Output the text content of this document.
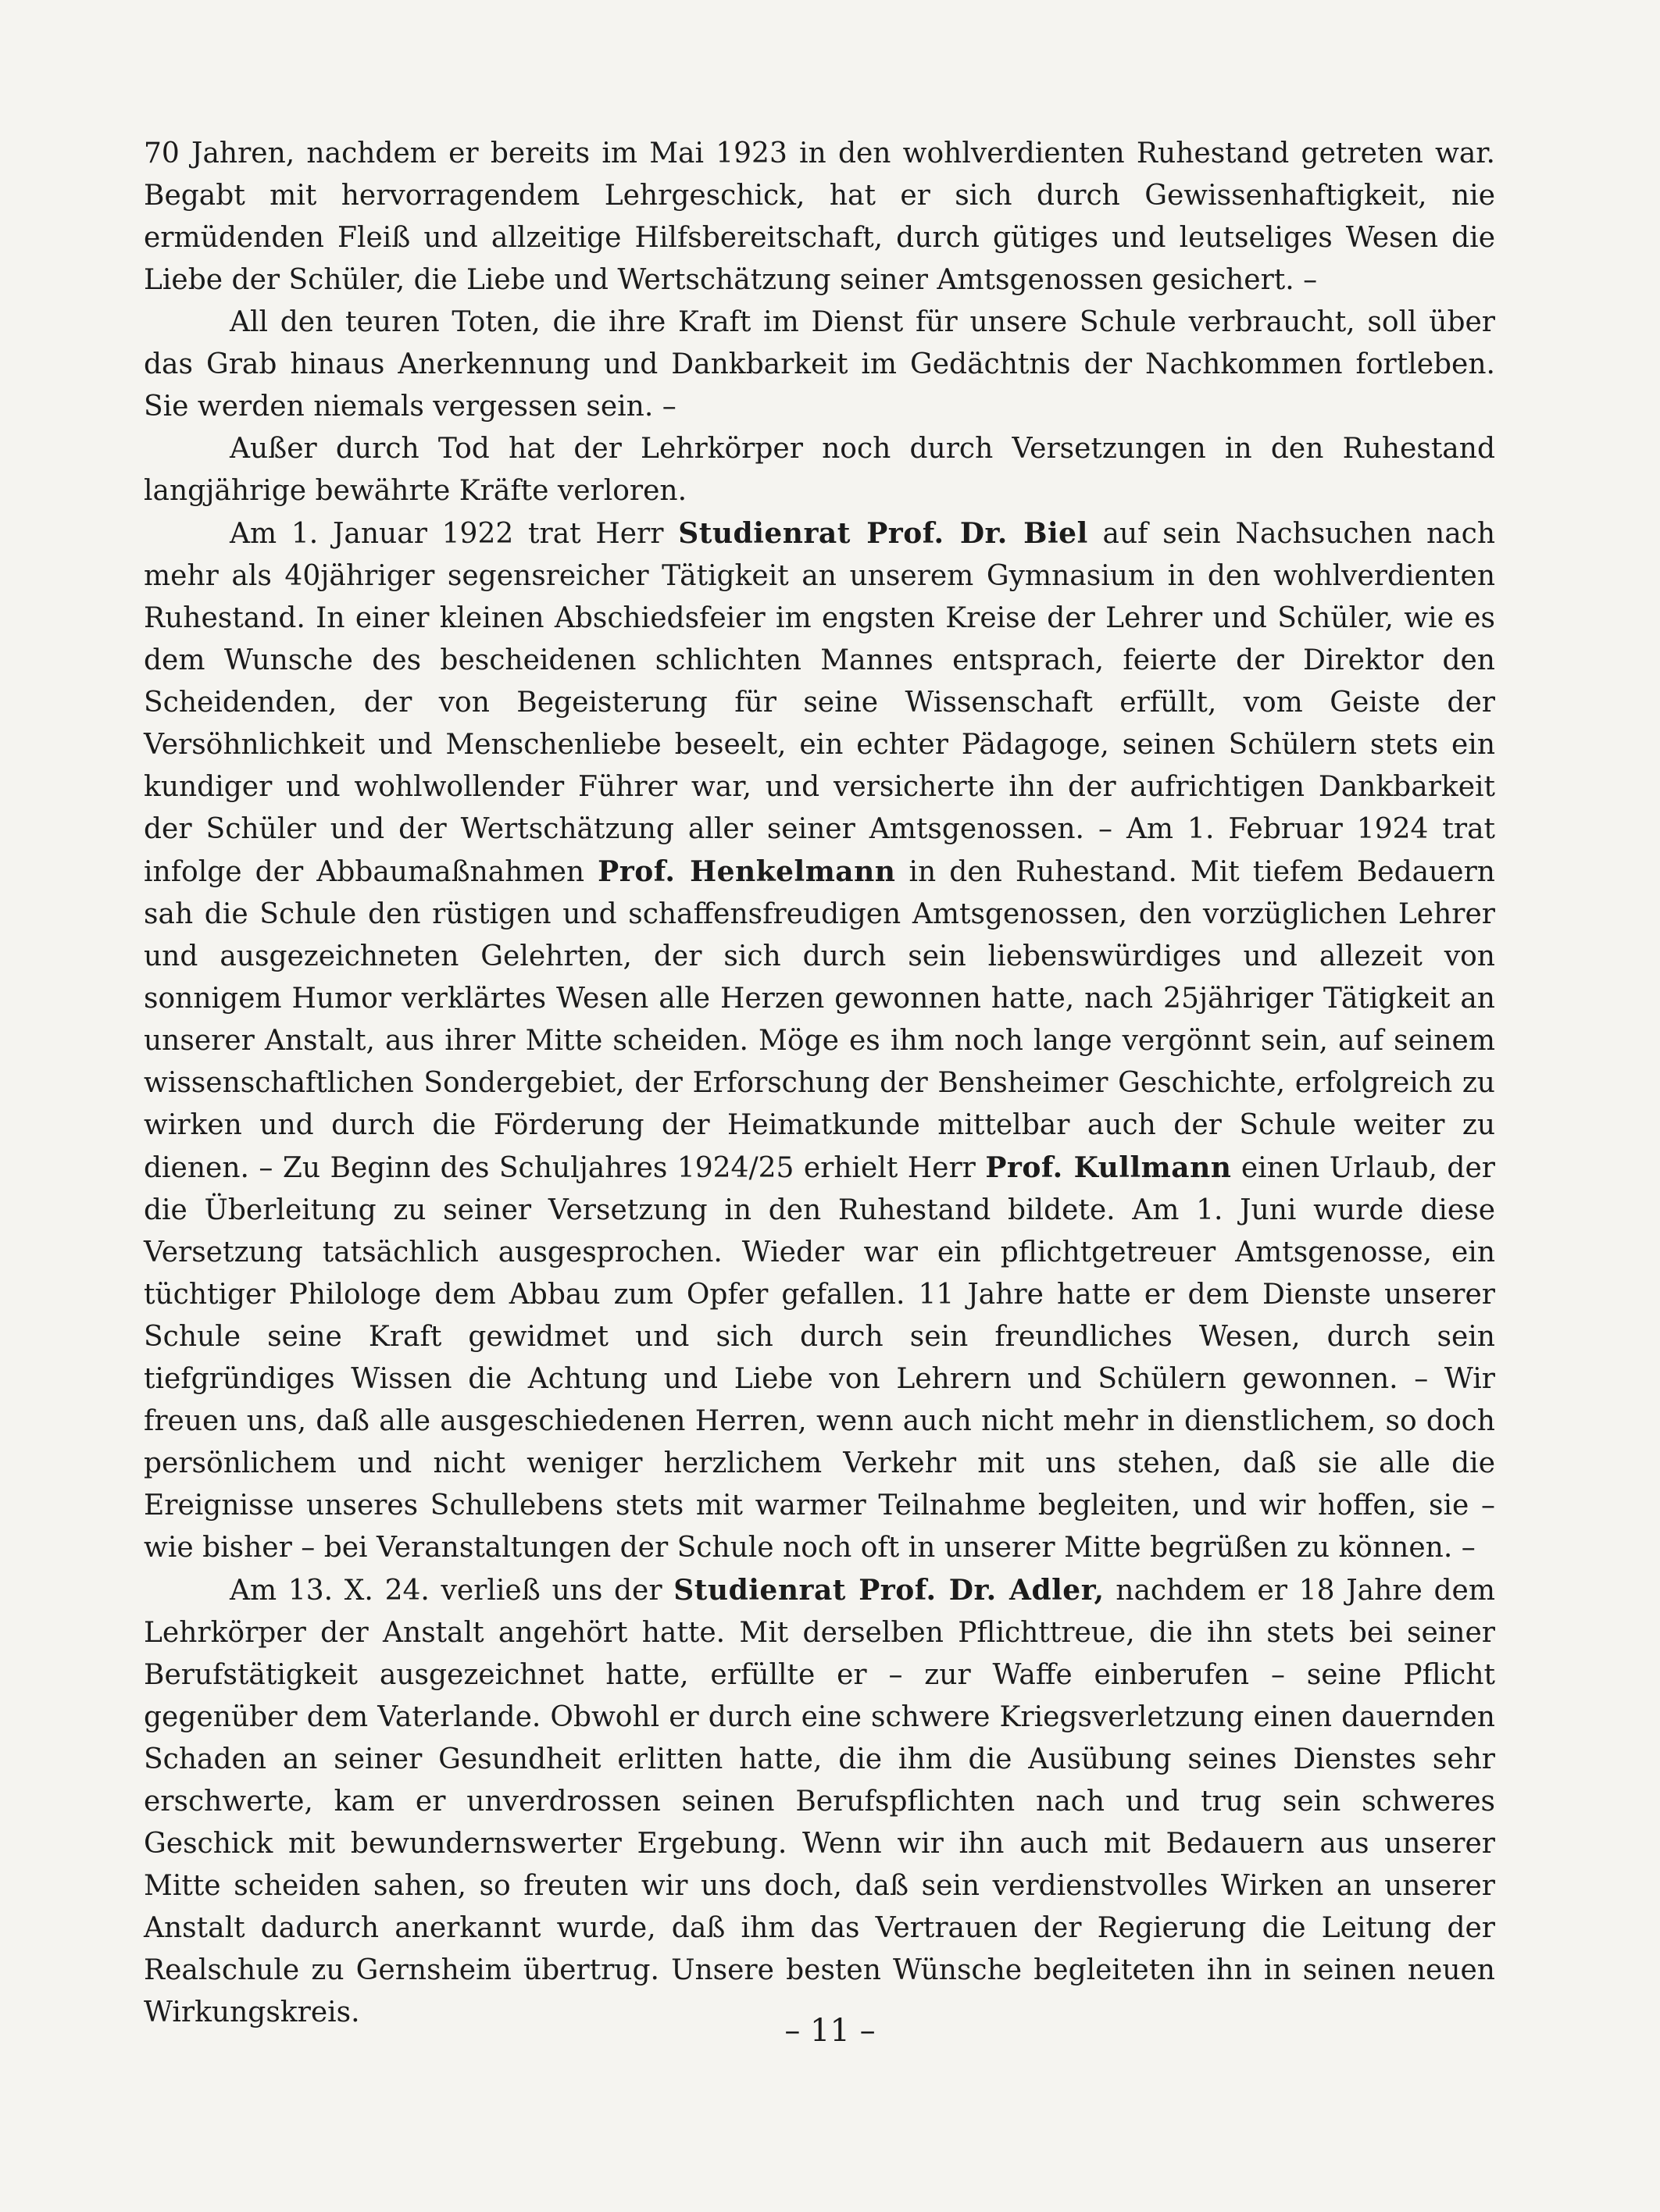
70 Jahren, nachdem er bereits im Mai 1923 in den wohlverdienten Ruhestand getreten war. Begabt mit hervorragendem Lehrgeschick, hat er sich durch Gewissenhaftigkeit, nie ermüdenden Fleiß und allzeitige Hilfsbereitschaft, durch gütiges und leutseliges Wesen die Liebe der Schüler, die Liebe und Wertschätzung seiner Amtsgenossen gesichert. –

All den teuren Toten, die ihre Kraft im Dienst für unsere Schule verbraucht, soll über das Grab hinaus Anerkennung und Dankbarkeit im Gedächtnis der Nachkommen fortleben. Sie werden niemals vergessen sein. –

Außer durch Tod hat der Lehrkörper noch durch Versetzungen in den Ruhestand langjährige bewährte Kräfte verloren.

Am 1. Januar 1922 trat Herr Studienrat Prof. Dr. Biel auf sein Nachsuchen nach mehr als 40jähriger segensreicher Tätigkeit an unserem Gymnasium in den wohlverdienten Ruhestand. In einer kleinen Abschiedsfeier im engsten Kreise der Lehrer und Schüler, wie es dem Wunsche des bescheidenen schlichten Mannes entsprach, feierte der Direktor den Scheidenden, der von Begeisterung für seine Wissenschaft erfüllt, vom Geiste der Versöhnlichkeit und Menschenliebe beseelt, ein echter Pädagoge, seinen Schülern stets ein kundiger und wohlwollender Führer war, und versicherte ihn der aufrichtigen Dankbarkeit der Schüler und der Wertschätzung aller seiner Amtsgenossen. – Am 1. Februar 1924 trat infolge der Abbaumaßnahmen Prof. Henkelmann in den Ruhestand. Mit tiefem Bedauern sah die Schule den rüstigen und schaffensfreudigen Amtsgenossen, den vorzüglichen Lehrer und ausgezeichneten Gelehrten, der sich durch sein liebenswürdiges und allezeit von sonnigem Humor verklärtes Wesen alle Herzen gewonnen hatte, nach 25jähriger Tätigkeit an unserer Anstalt, aus ihrer Mitte scheiden. Möge es ihm noch lange vergönnt sein, auf seinem wissenschaftlichen Sondergebiet, der Erforschung der Bensheimer Geschichte, erfolgreich zu wirken und durch die Förderung der Heimatkunde mittelbar auch der Schule weiter zu dienen. – Zu Beginn des Schuljahres 1924/25 erhielt Herr Prof. Kullmann einen Urlaub, der die Überleitung zu seiner Versetzung in den Ruhestand bildete. Am 1. Juni wurde diese Versetzung tatsächlich ausgesprochen. Wieder war ein pflichtgetreuer Amtsgenosse, ein tüchtiger Philologe dem Abbau zum Opfer gefallen. 11 Jahre hatte er dem Dienste unserer Schule seine Kraft gewidmet und sich durch sein freundliches Wesen, durch sein tiefgründiges Wissen die Achtung und Liebe von Lehrern und Schülern gewonnen. – Wir freuen uns, daß alle ausgeschiedenen Herren, wenn auch nicht mehr in dienstlichem, so doch persönlichem und nicht weniger herzlichem Verkehr mit uns stehen, daß sie alle die Ereignisse unseres Schullebens stets mit warmer Teilnahme begleiten, und wir hoffen, sie – wie bisher – bei Veranstaltungen der Schule noch oft in unserer Mitte begrüßen zu können. –

Am 13. X. 24. verließ uns der Studienrat Prof. Dr. Adler, nachdem er 18 Jahre dem Lehrkörper der Anstalt angehört hatte. Mit derselben Pflichttreue, die ihn stets bei seiner Berufstätigkeit ausgezeichnet hatte, erfüllte er – zur Waffe einberufen – seine Pflicht gegenüber dem Vaterlande. Obwohl er durch eine schwere Kriegsverletzung einen dauernden Schaden an seiner Gesundheit erlitten hatte, die ihm die Ausübung seines Dienstes sehr erschwerte, kam er unverdrossen seinen Berufspflichten nach und trug sein schweres Geschick mit bewundernswerter Ergebung. Wenn wir ihn auch mit Bedauern aus unserer Mitte scheiden sahen, so freuten wir uns doch, daß sein verdienstvolles Wirken an unserer Anstalt dadurch anerkannt wurde, daß ihm das Vertrauen der Regierung die Leitung der Realschule zu Gernsheim übertrug. Unsere besten Wünsche begleiteten ihn in seinen neuen Wirkungskreis.

– 11 –
